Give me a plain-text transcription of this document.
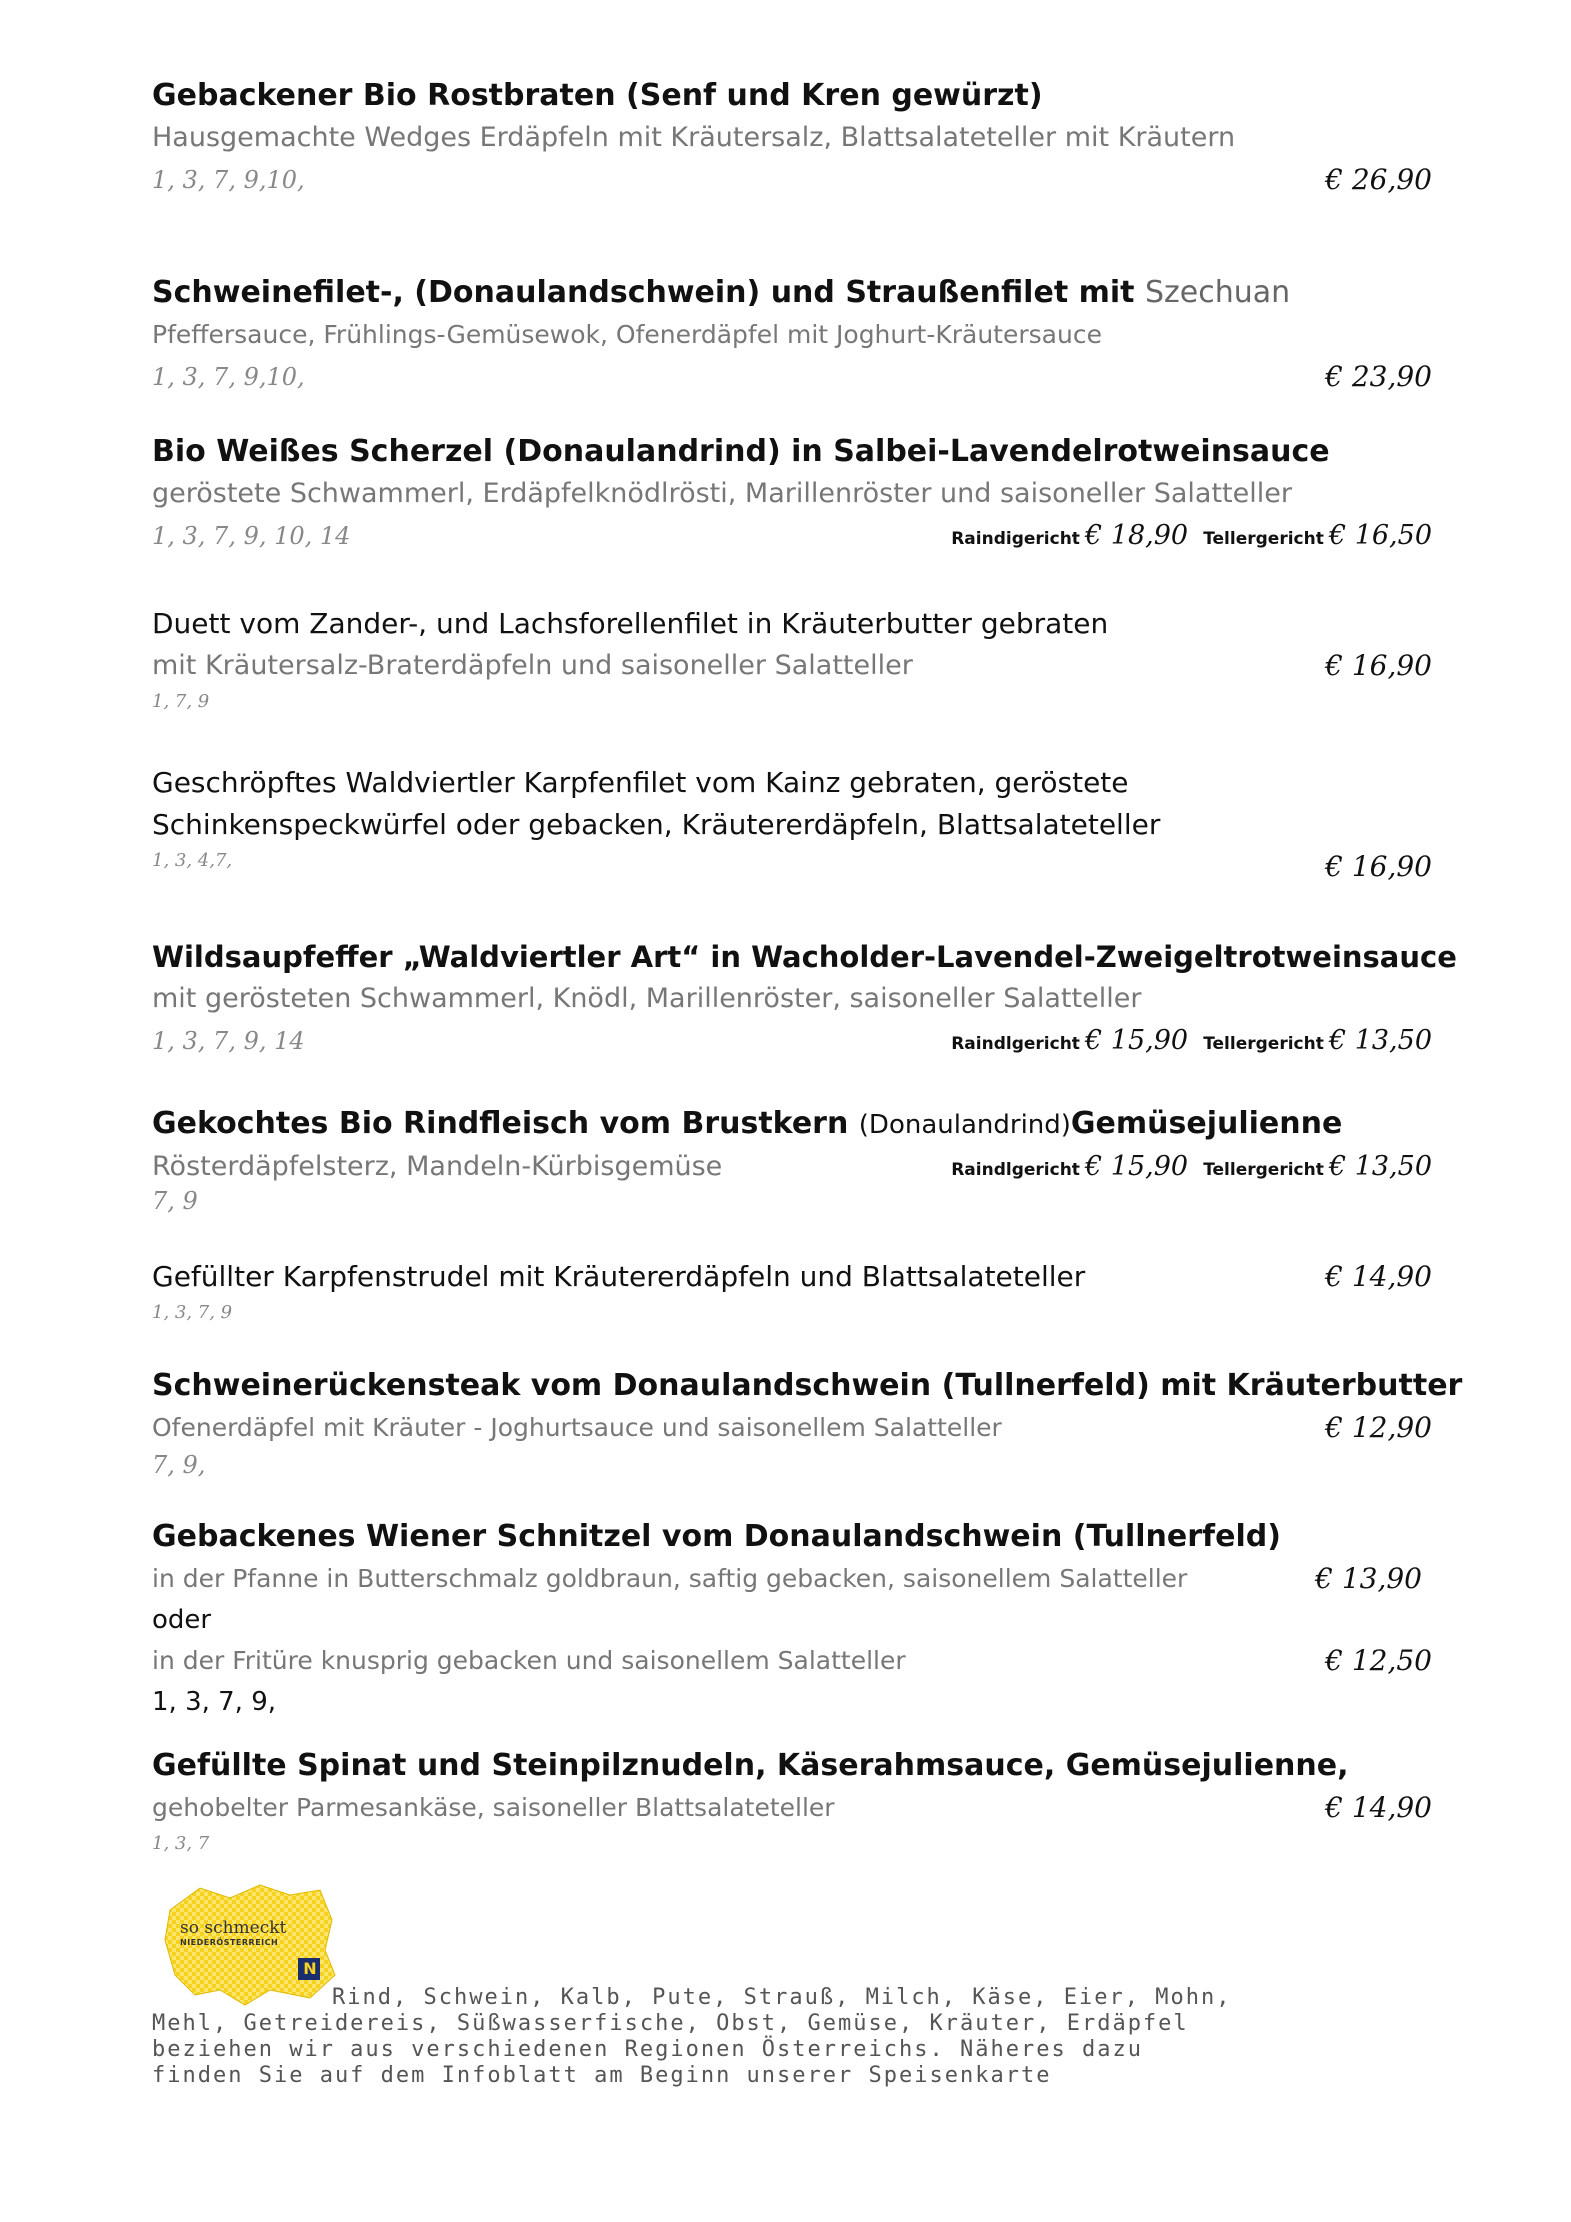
Gebackener Bio Rostbraten (Senf und Kren gewürzt)
Hausgemachte Wedges Erdäpfeln mit Kräutersalz, Blattsalateteller mit Kräutern
1, 3, 7, 9,10,	€ 26,90
Schweinefilet-, (Donaulandschwein) und Straußenfilet mit Szechuan
Pfeffersauce, Frühlings-Gemüsewok, Ofenerdäpfel mit Joghurt-Kräutersauce
1, 3, 7, 9,10,	€ 23,90
Bio Weißes Scherzel (Donaulandrind) in Salbei-Lavendelrotweinsauce
geröstete Schwammerl, Erdäpfelknödlrösti, Marillenröster und saisoneller Salatteller
1, 3, 7, 9, 10, 14	Raindigericht € 18,90 Tellergericht € 16,50
Duett vom Zander-, und Lachsforellenfilet in Kräuterbutter gebraten
mit Kräutersalz-Braterdäpfeln und saisoneller Salatteller	€ 16,90
1, 7, 9
Geschröpftes Waldviertler Karpfenfilet vom Kainz gebraten, geröstete
Schinkenspeckwürfel oder gebacken, Kräutererdäpfeln, Blattsalateteller
1, 3, 4,7,	€ 16,90
Wildsaupfeffer „Waldviertler Art“ in Wacholder-Lavendel-Zweigeltrotweinsauce
mit gerösteten Schwammerl, Knödl, Marillenröster, saisoneller Salatteller
1, 3, 7, 9, 14	Raindlgericht € 15,90 Tellergericht € 13,50
Gekochtes Bio Rindfleisch vom Brustkern (Donaulandrind)Gemüsejulienne
Rösterdäpfelsterz, Mandeln-Kürbisgemüse	Raindlgericht € 15,90 Tellergericht € 13,50
7, 9
Gefüllter Karpfenstrudel mit Kräutererdäpfeln und Blattsalateteller	€ 14,90
1, 3, 7, 9
Schweinerückensteak vom Donaulandschwein (Tullnerfeld) mit Kräuterbutter
Ofenerdäpfel mit Kräuter - Joghurtsauce und saisonellem Salatteller	€ 12,90
7, 9,
Gebackenes Wiener Schnitzel vom Donaulandschwein (Tullnerfeld)
in der Pfanne in Butterschmalz goldbraun, saftig gebacken, saisonellem Salatteller	€ 13,90
oder
in der Fritüre knusprig gebacken und saisonellem Salatteller	€ 12,50
1, 3, 7, 9,
Gefüllte Spinat und Steinpilznudeln, Käserahmsauce, Gemüsejulienne,
gehobelter Parmesankäse, saisoneller Blattsalateteller	€ 14,90
1, 3, 7
so schmeckt
NIEDERÖSTERREICH
N
Rind, Schwein, Kalb, Pute, Strauß, Milch, Käse, Eier, Mohn,
Mehl, Getreidereis, Süßwasserfische, Obst, Gemüse, Kräuter, Erdäpfel
beziehen wir aus verschiedenen Regionen Österreichs. Näheres dazu
finden Sie auf dem Infoblatt am Beginn unserer Speisenkarte
